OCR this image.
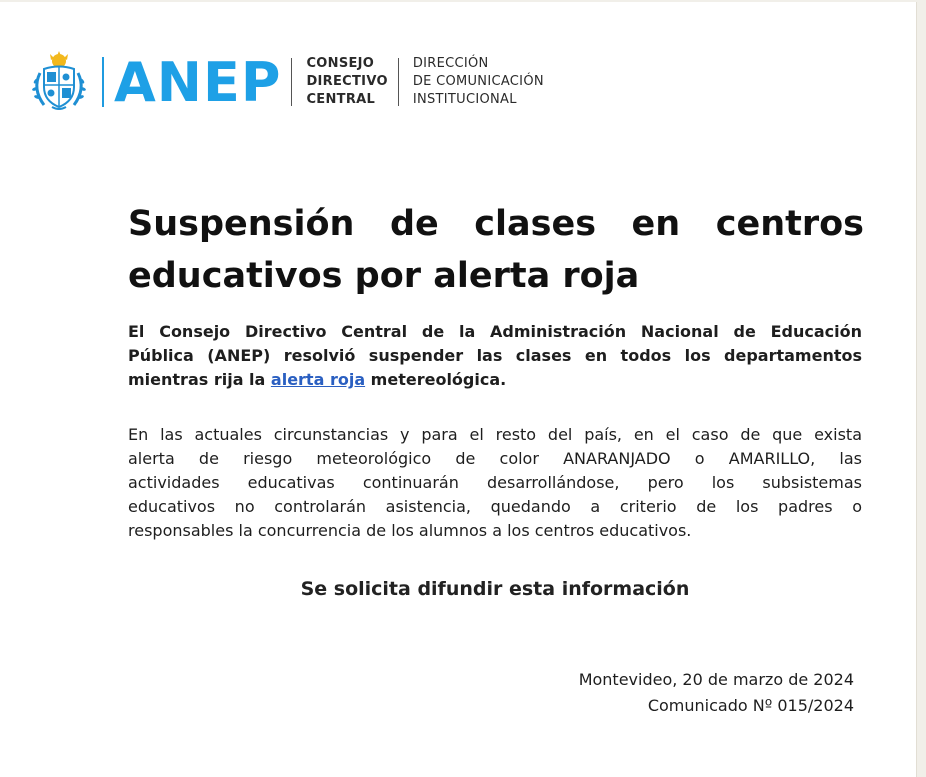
ANEP CONSEJO
DIRECTIVO
CENTRAL
DIRECCIÓN
DE COMUNICACIÓN
INSTITUCIONAL
Suspensión de clases en centros
educativos por alerta roja
El Consejo Directivo Central de la Administración Nacional de Educación
Pública (ANEP) resolvió suspender las clases en todos los departamentos
mientras rija la alerta roja metereológica.
En las actuales circunstancias y para el resto del país, en el caso de que exista
alerta de riesgo meteorológico de color ANARANJADO o AMARILLO, las
actividades educativas continuarán desarrollándose, pero los subsistemas
educativos no controlarán asistencia, quedando a criterio de los padres o
responsables la concurrencia de los alumnos a los centros educativos.
Se solicita difundir esta información
Montevideo, 20 de marzo de 2024
Comunicado Nº 015/2024
